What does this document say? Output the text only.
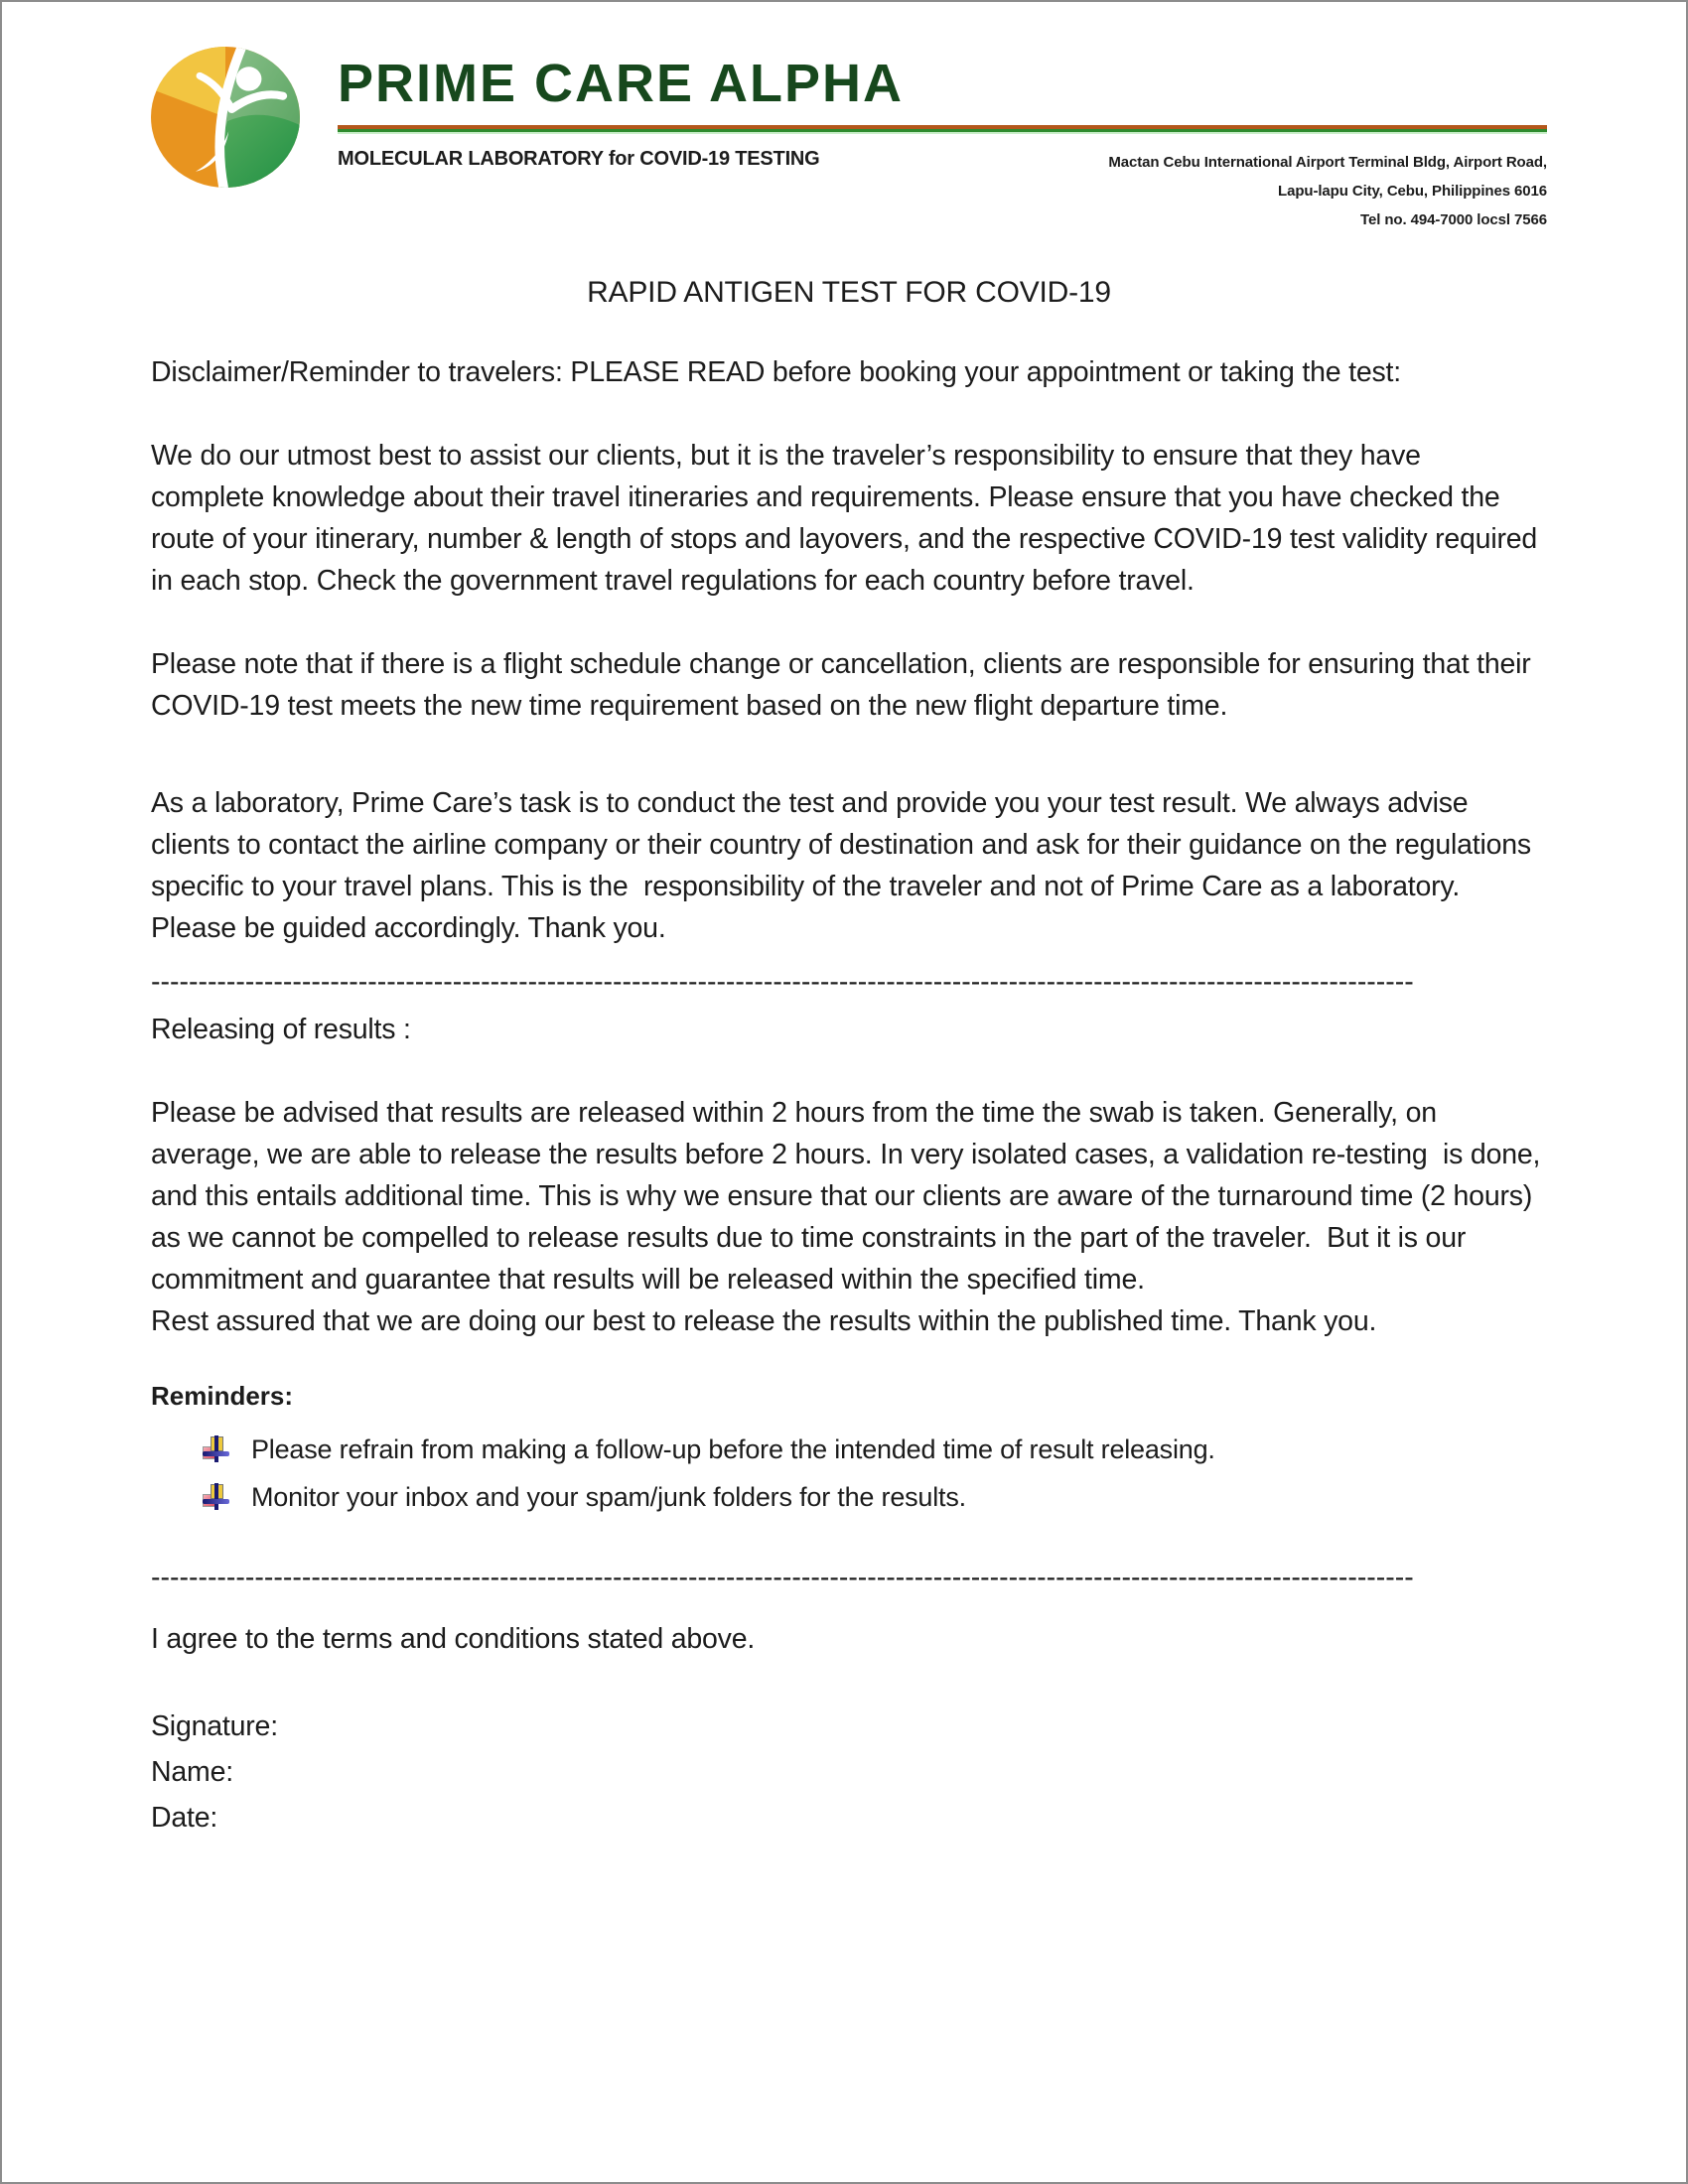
PRIME CARE ALPHA
MOLECULAR LABORATORY for COVID-19 TESTING	Mactan Cebu International Airport Terminal Bldg, Airport Road,
Lapu-lapu City, Cebu, Philippines 6016
Tel no. 494-7000 locsl 7566
RAPID ANTIGEN TEST FOR COVID-19
Disclaimer/Reminder to travelers: PLEASE READ before booking your appointment or taking the test:
We do our utmost best to assist our clients, but it is the traveler’s responsibility to ensure that they have complete knowledge about their travel itineraries and requirements. Please ensure that you have checked the route of your itinerary, number & length of stops and layovers, and the respective COVID-19 test validity required in each stop. Check the government travel regulations for each country before travel.
Please note that if there is a flight schedule change or cancellation, clients are responsible for ensuring that their COVID-19 test meets the new time requirement based on the new flight departure time.
As a laboratory, Prime Care’s task is to conduct the test and provide you your test result. We always advise clients to contact the airline company or their country of destination and ask for their guidance on the regulations specific to your travel plans. This is the  responsibility of the traveler and not of Prime Care as a laboratory. Please be guided accordingly. Thank you.
--------------------------------------------------------------------------------------------------------------------------------------
Releasing of results :
Please be advised that results are released within 2 hours from the time the swab is taken. Generally, on average, we are able to release the results before 2 hours. In very isolated cases, a validation re-testing  is done, and this entails additional time. This is why we ensure that our clients are aware of the turnaround time (2 hours) as we cannot be compelled to release results due to time constraints in the part of the traveler.  But it is our commitment and guarantee that results will be released within the specified time.
Rest assured that we are doing our best to release the results within the published time. Thank you.
Reminders:
Please refrain from making a follow-up before the intended time of result releasing.
Monitor your inbox and your spam/junk folders for the results.
--------------------------------------------------------------------------------------------------------------------------------------
I agree to the terms and conditions stated above.
Signature:
Name:
Date:
